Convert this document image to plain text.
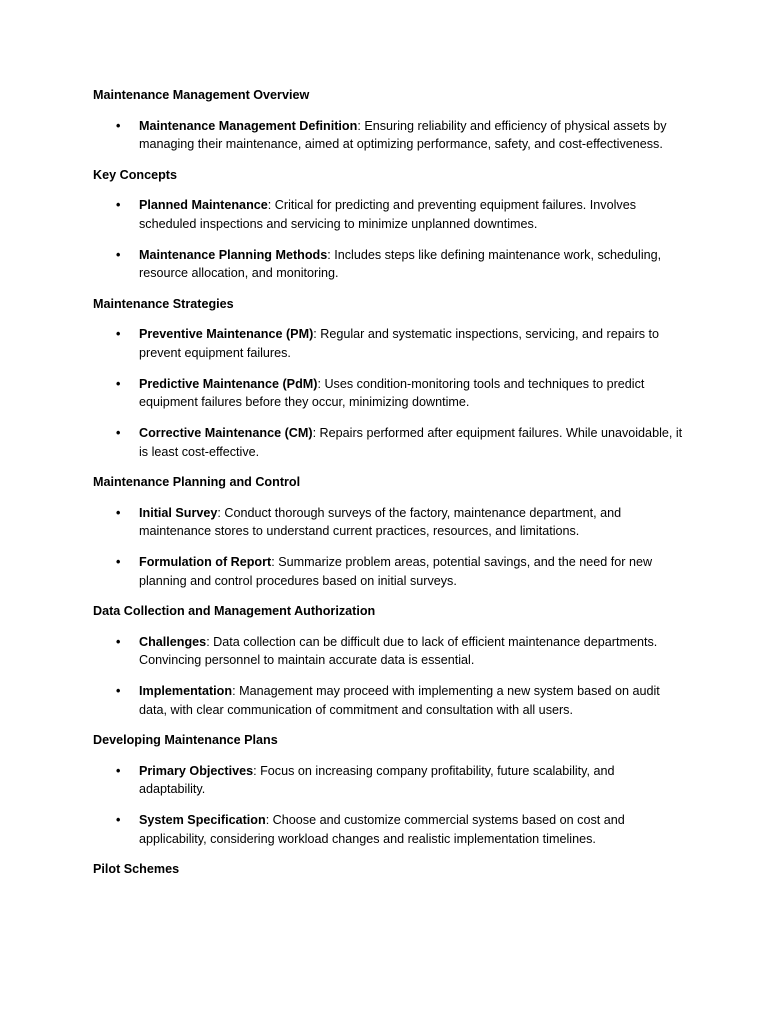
Maintenance Management Overview

• Maintenance Management Definition: Ensuring reliability and efficiency of physical assets by managing their maintenance, aimed at optimizing performance, safety, and cost-effectiveness.

Key Concepts

• Planned Maintenance: Critical for predicting and preventing equipment failures. Involves scheduled inspections and servicing to minimize unplanned downtimes.
• Maintenance Planning Methods: Includes steps like defining maintenance work, scheduling, resource allocation, and monitoring.

Maintenance Strategies

• Preventive Maintenance (PM): Regular and systematic inspections, servicing, and repairs to prevent equipment failures.
• Predictive Maintenance (PdM): Uses condition-monitoring tools and techniques to predict equipment failures before they occur, minimizing downtime.
• Corrective Maintenance (CM): Repairs performed after equipment failures. While unavoidable, it is least cost-effective.

Maintenance Planning and Control

• Initial Survey: Conduct thorough surveys of the factory, maintenance department, and maintenance stores to understand current practices, resources, and limitations.
• Formulation of Report: Summarize problem areas, potential savings, and the need for new planning and control procedures based on initial surveys.

Data Collection and Management Authorization

• Challenges: Data collection can be difficult due to lack of efficient maintenance departments. Convincing personnel to maintain accurate data is essential.
• Implementation: Management may proceed with implementing a new system based on audit data, with clear communication of commitment and consultation with all users.

Developing Maintenance Plans

• Primary Objectives: Focus on increasing company profitability, future scalability, and adaptability.
• System Specification: Choose and customize commercial systems based on cost and applicability, considering workload changes and realistic implementation timelines.

Pilot Schemes
